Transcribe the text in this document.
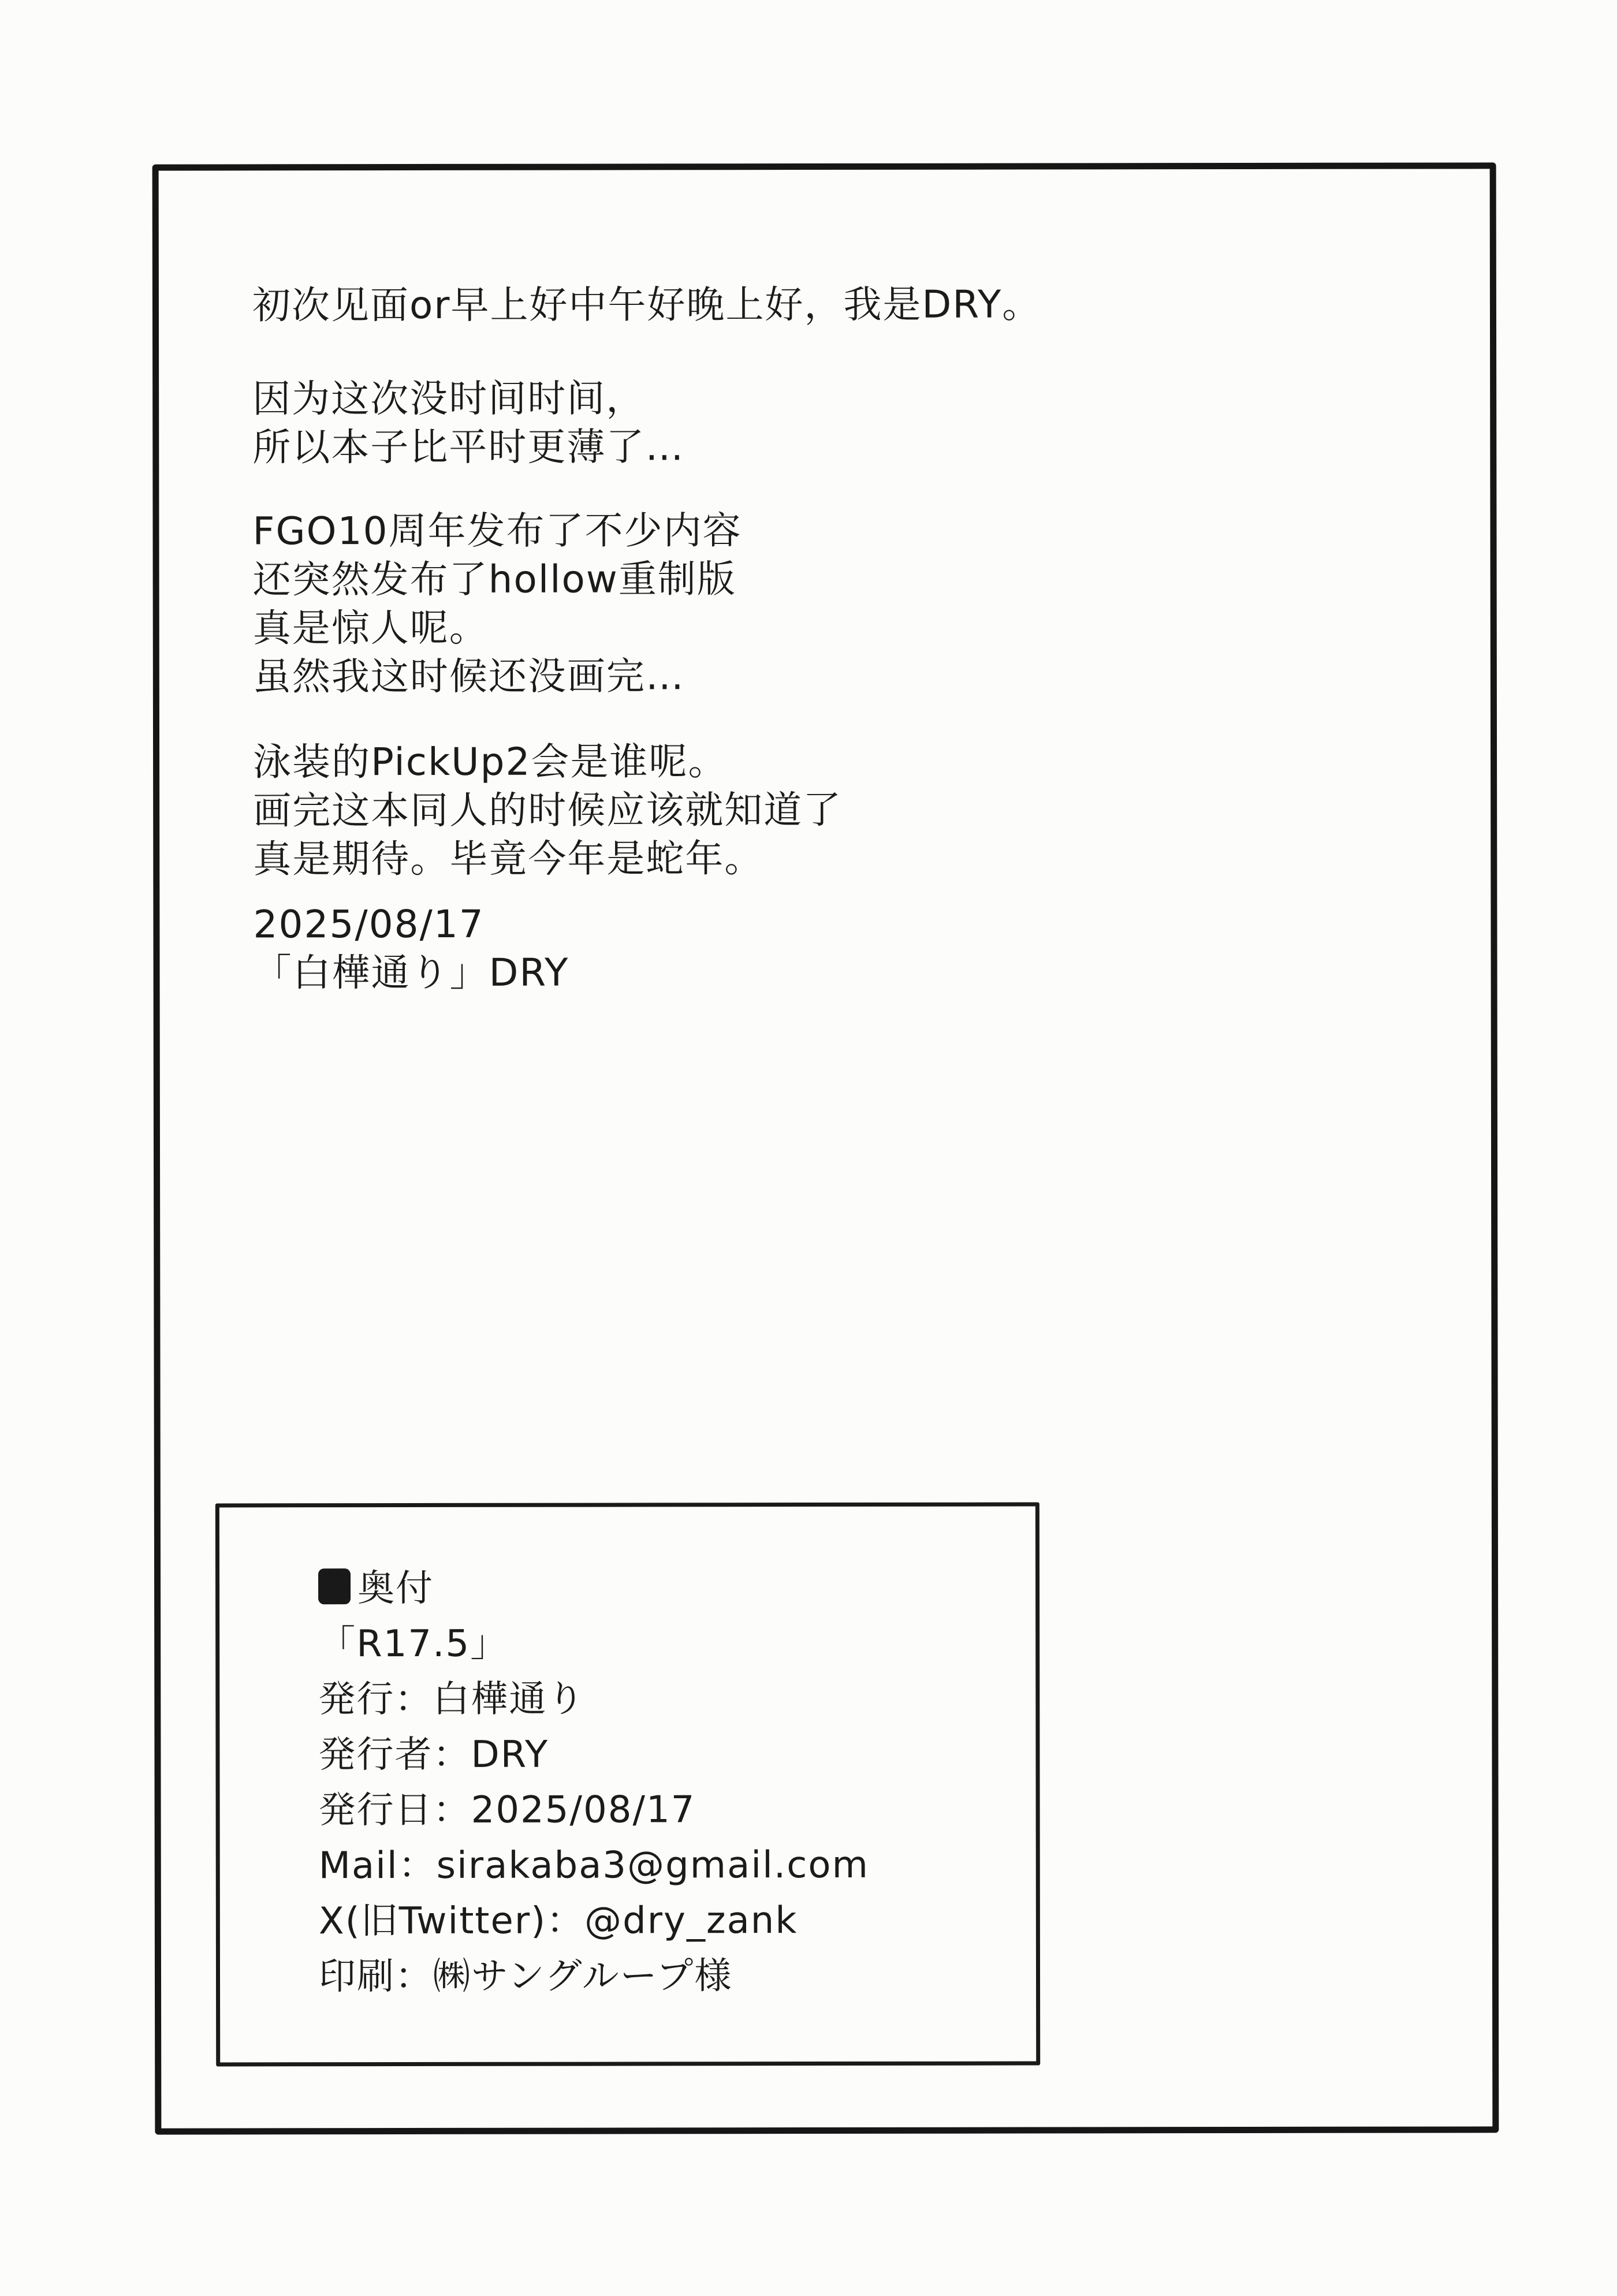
初次见面or早上好中午好晚上好，我是DRY。
因为这次没时间时间，
所以本子比平时更薄了…
FGO10周年发布了不少内容
还突然发布了hollow重制版
真是惊人呢。
虽然我这时候还没画完…
泳装的PickUp2会是谁呢。
画完这本同人的时候应该就知道了
真是期待。毕竟今年是蛇年。
2025/08/17
「白樺通り」DRY
奥付
「R17.5」
発行：白樺通り
発行者：DRY
発行日：2025/08/17
Mail：sirakaba3@gmail.com
X(旧Twitter)：@dry_zank
印刷：㈱サングループ様
